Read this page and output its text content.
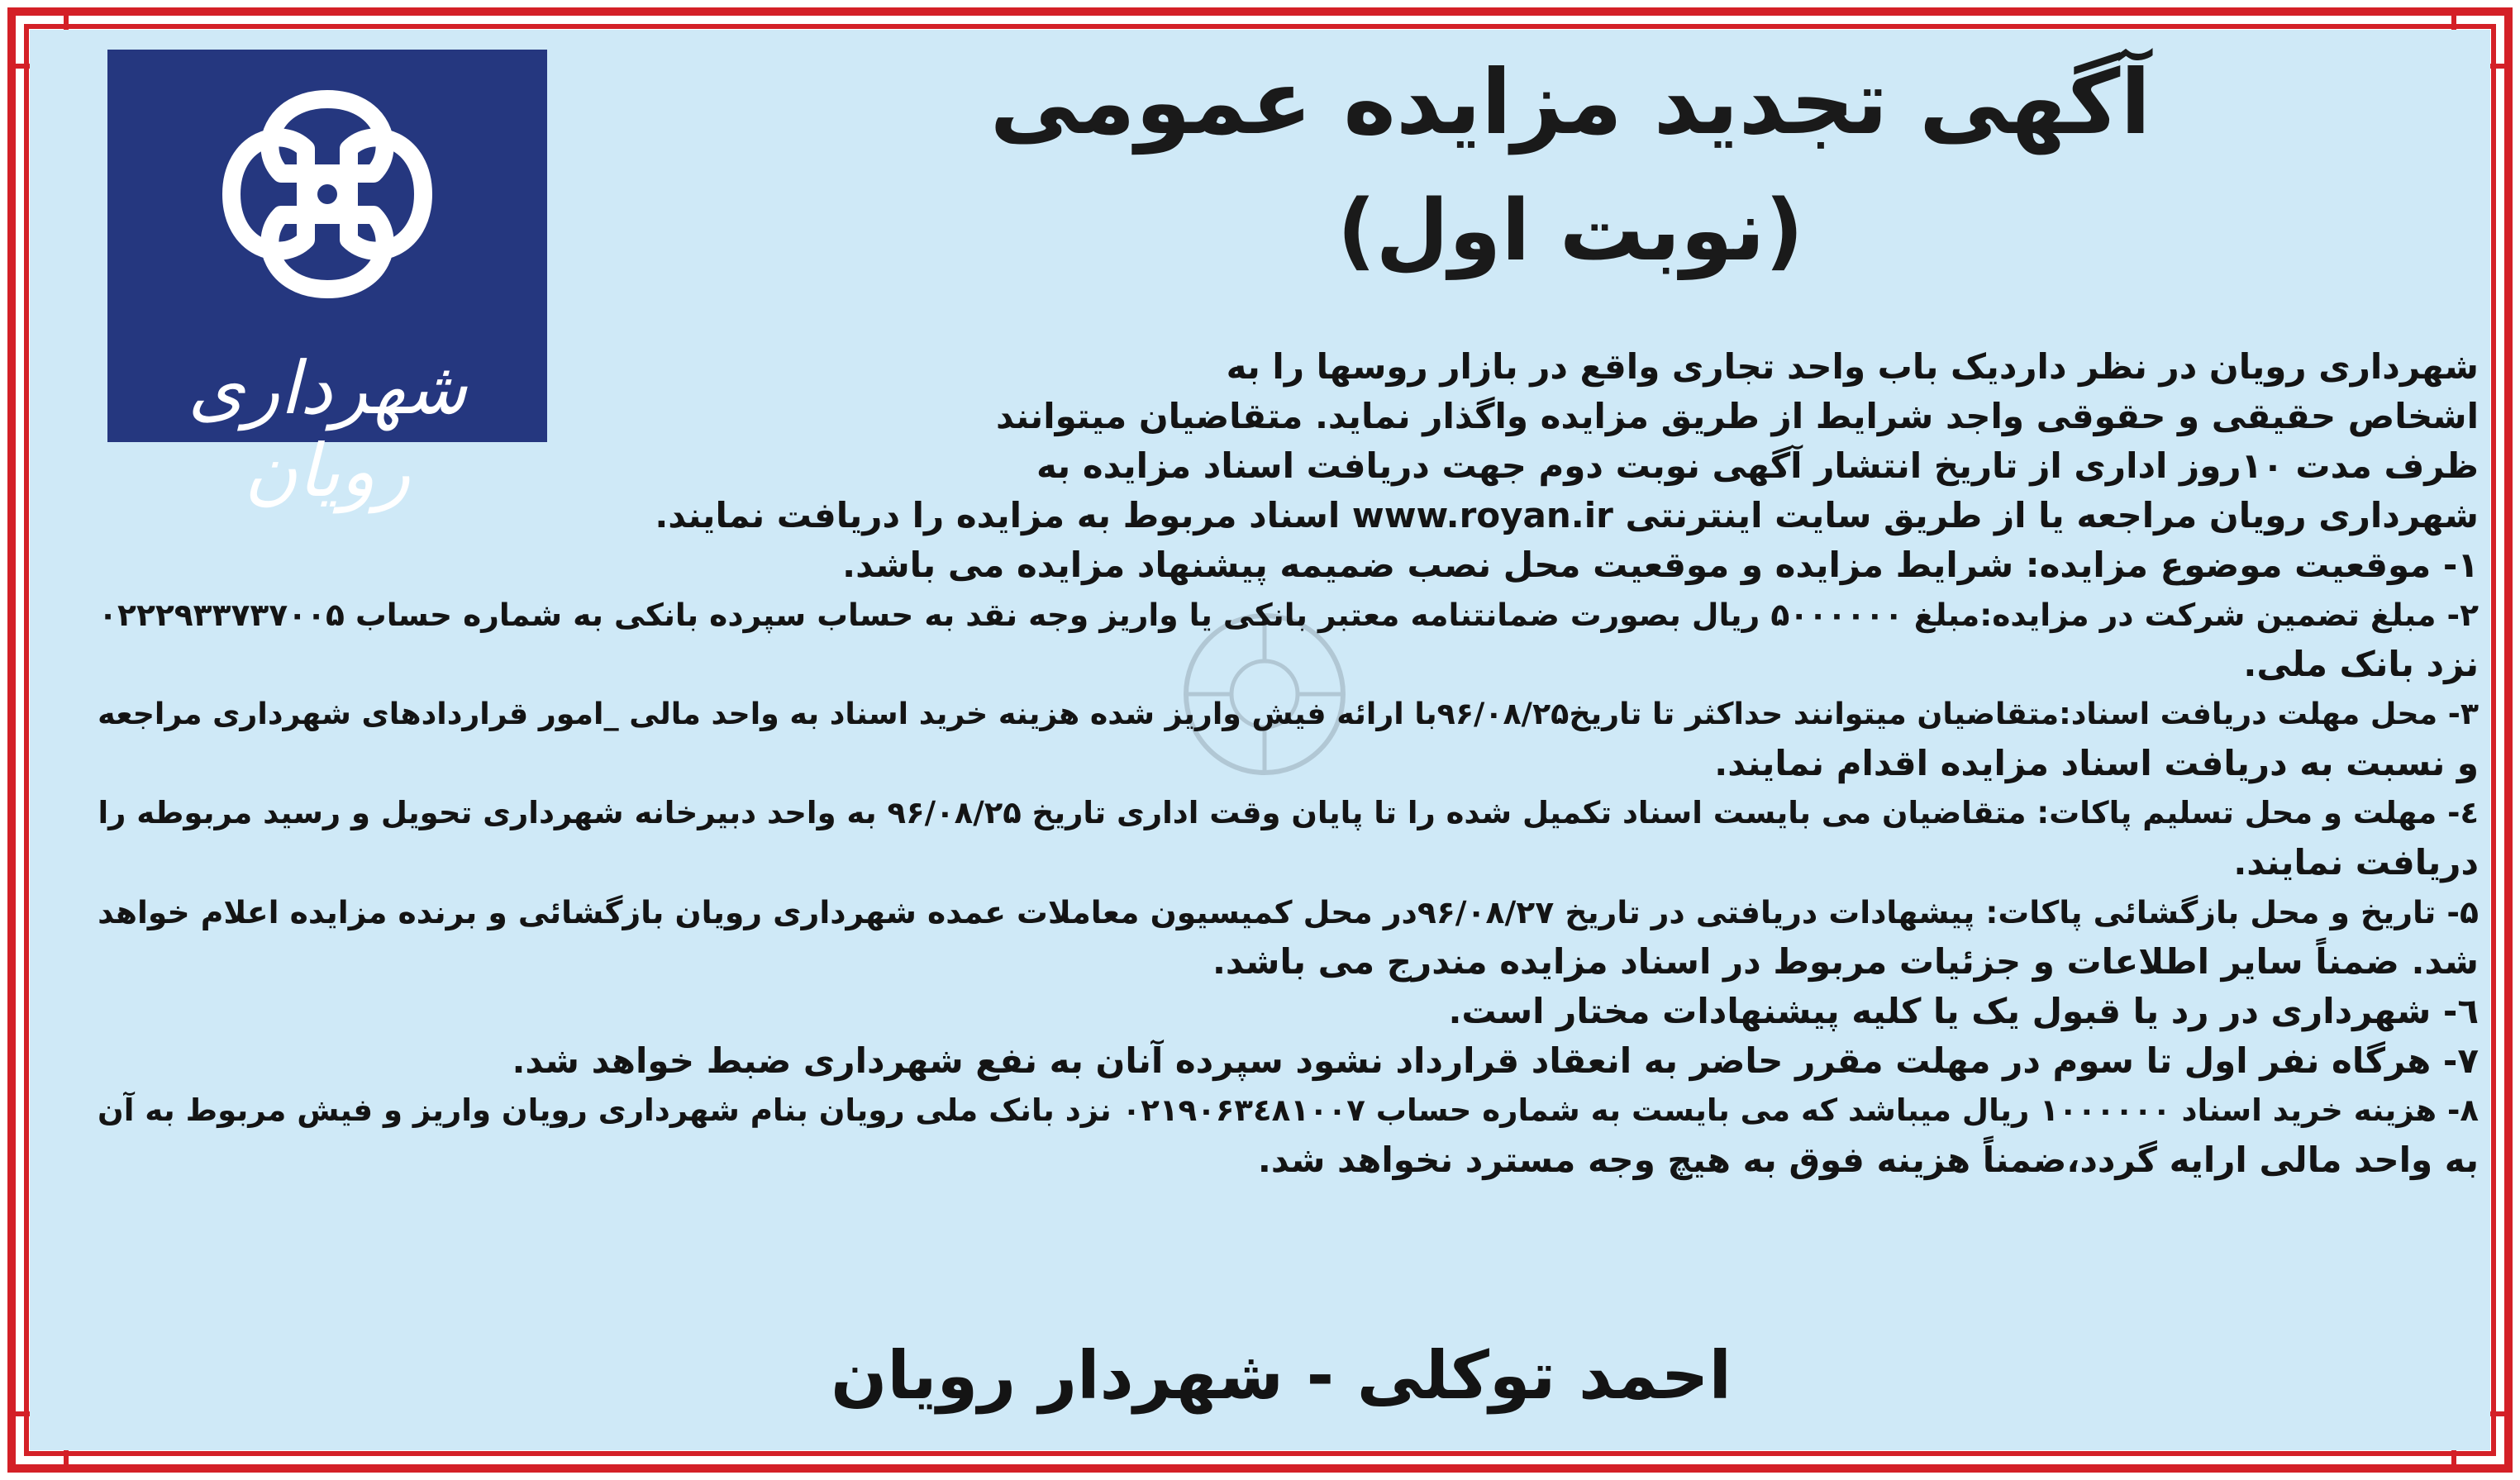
شهرداری رویان
آگهی تجدید مزایده عمومی
(نوبت اول)
شهرداری رویان در نظر داردیک باب واحد تجاری واقع در بازار روسها را به
اشخاص حقیقی و حقوقی واجد شرایط از طریق مزایده واگذار نماید. متقاضیان میتوانند
ظرف مدت ۱۰روز اداری از تاریخ انتشار آگهی نوبت دوم جهت دریافت اسناد مزایده به
شهرداری رویان مراجعه یا از طریق سایت اینترنتی www.royan.ir اسناد مربوط به مزایده را دریافت نمایند.
۱- موقعیت موضوع مزایده: شرایط مزایده و موقعیت محل نصب ضمیمه پیشنهاد مزایده می باشد.
۲- مبلغ تضمین شرکت در مزایده:مبلغ ۵۰۰۰۰۰۰ ریال بصورت ضمانتنامه معتبر بانکی یا واریز وجه نقد به حساب سپرده بانکی به شماره حساب ۰۲۲۲۹۳۳۷۳۷۰۰۵
نزد بانک ملی.
۳- محل مهلت دریافت اسناد:متقاضیان میتوانند حداکثر تا تاریخ۹۶/۰۸/۲۵با ارائه فیش واریز شده هزینه خرید اسناد به واحد مالی _امور قراردادهای شهرداری مراجعه
و نسبت به دریافت اسناد مزایده اقدام نمایند.
٤- مهلت و محل تسلیم پاکات: متقاضیان می بایست اسناد تکمیل شده را تا پایان وقت اداری تاریخ ۹۶/۰۸/۲۵ به واحد دبیرخانه شهرداری تحویل و رسید مربوطه را
دریافت نمایند.
۵- تاریخ و محل بازگشائی پاکات: پیشهادات دریافتی در تاریخ ۹۶/۰۸/۲۷در محل کمیسیون معاملات عمده شهرداری رویان بازگشائی و برنده مزایده اعلام خواهد
شد. ضمناً سایر اطلاعات و جزئیات مربوط در اسناد مزایده مندرج می باشد.
٦- شهرداری در رد یا قبول یک یا کلیه پیشنهادات مختار است.
۷- هرگاه نفر اول تا سوم در مهلت مقرر حاضر به انعقاد قرارداد نشود سپرده آنان به نفع شهرداری ضبط خواهد شد.
۸- هزینه خرید اسناد ۱۰۰۰۰۰۰ ریال میباشد که می بایست به شماره حساب ۰۲۱۹۰۶۳٤۸۱۰۰۷ نزد بانک ملی رویان بنام شهرداری رویان واریز و فیش مربوط به آن
به واحد مالی ارایه گردد،ضمناً هزینه فوق به هیچ وجه مسترد نخواهد شد.
احمد توکلی - شهردار رویان
